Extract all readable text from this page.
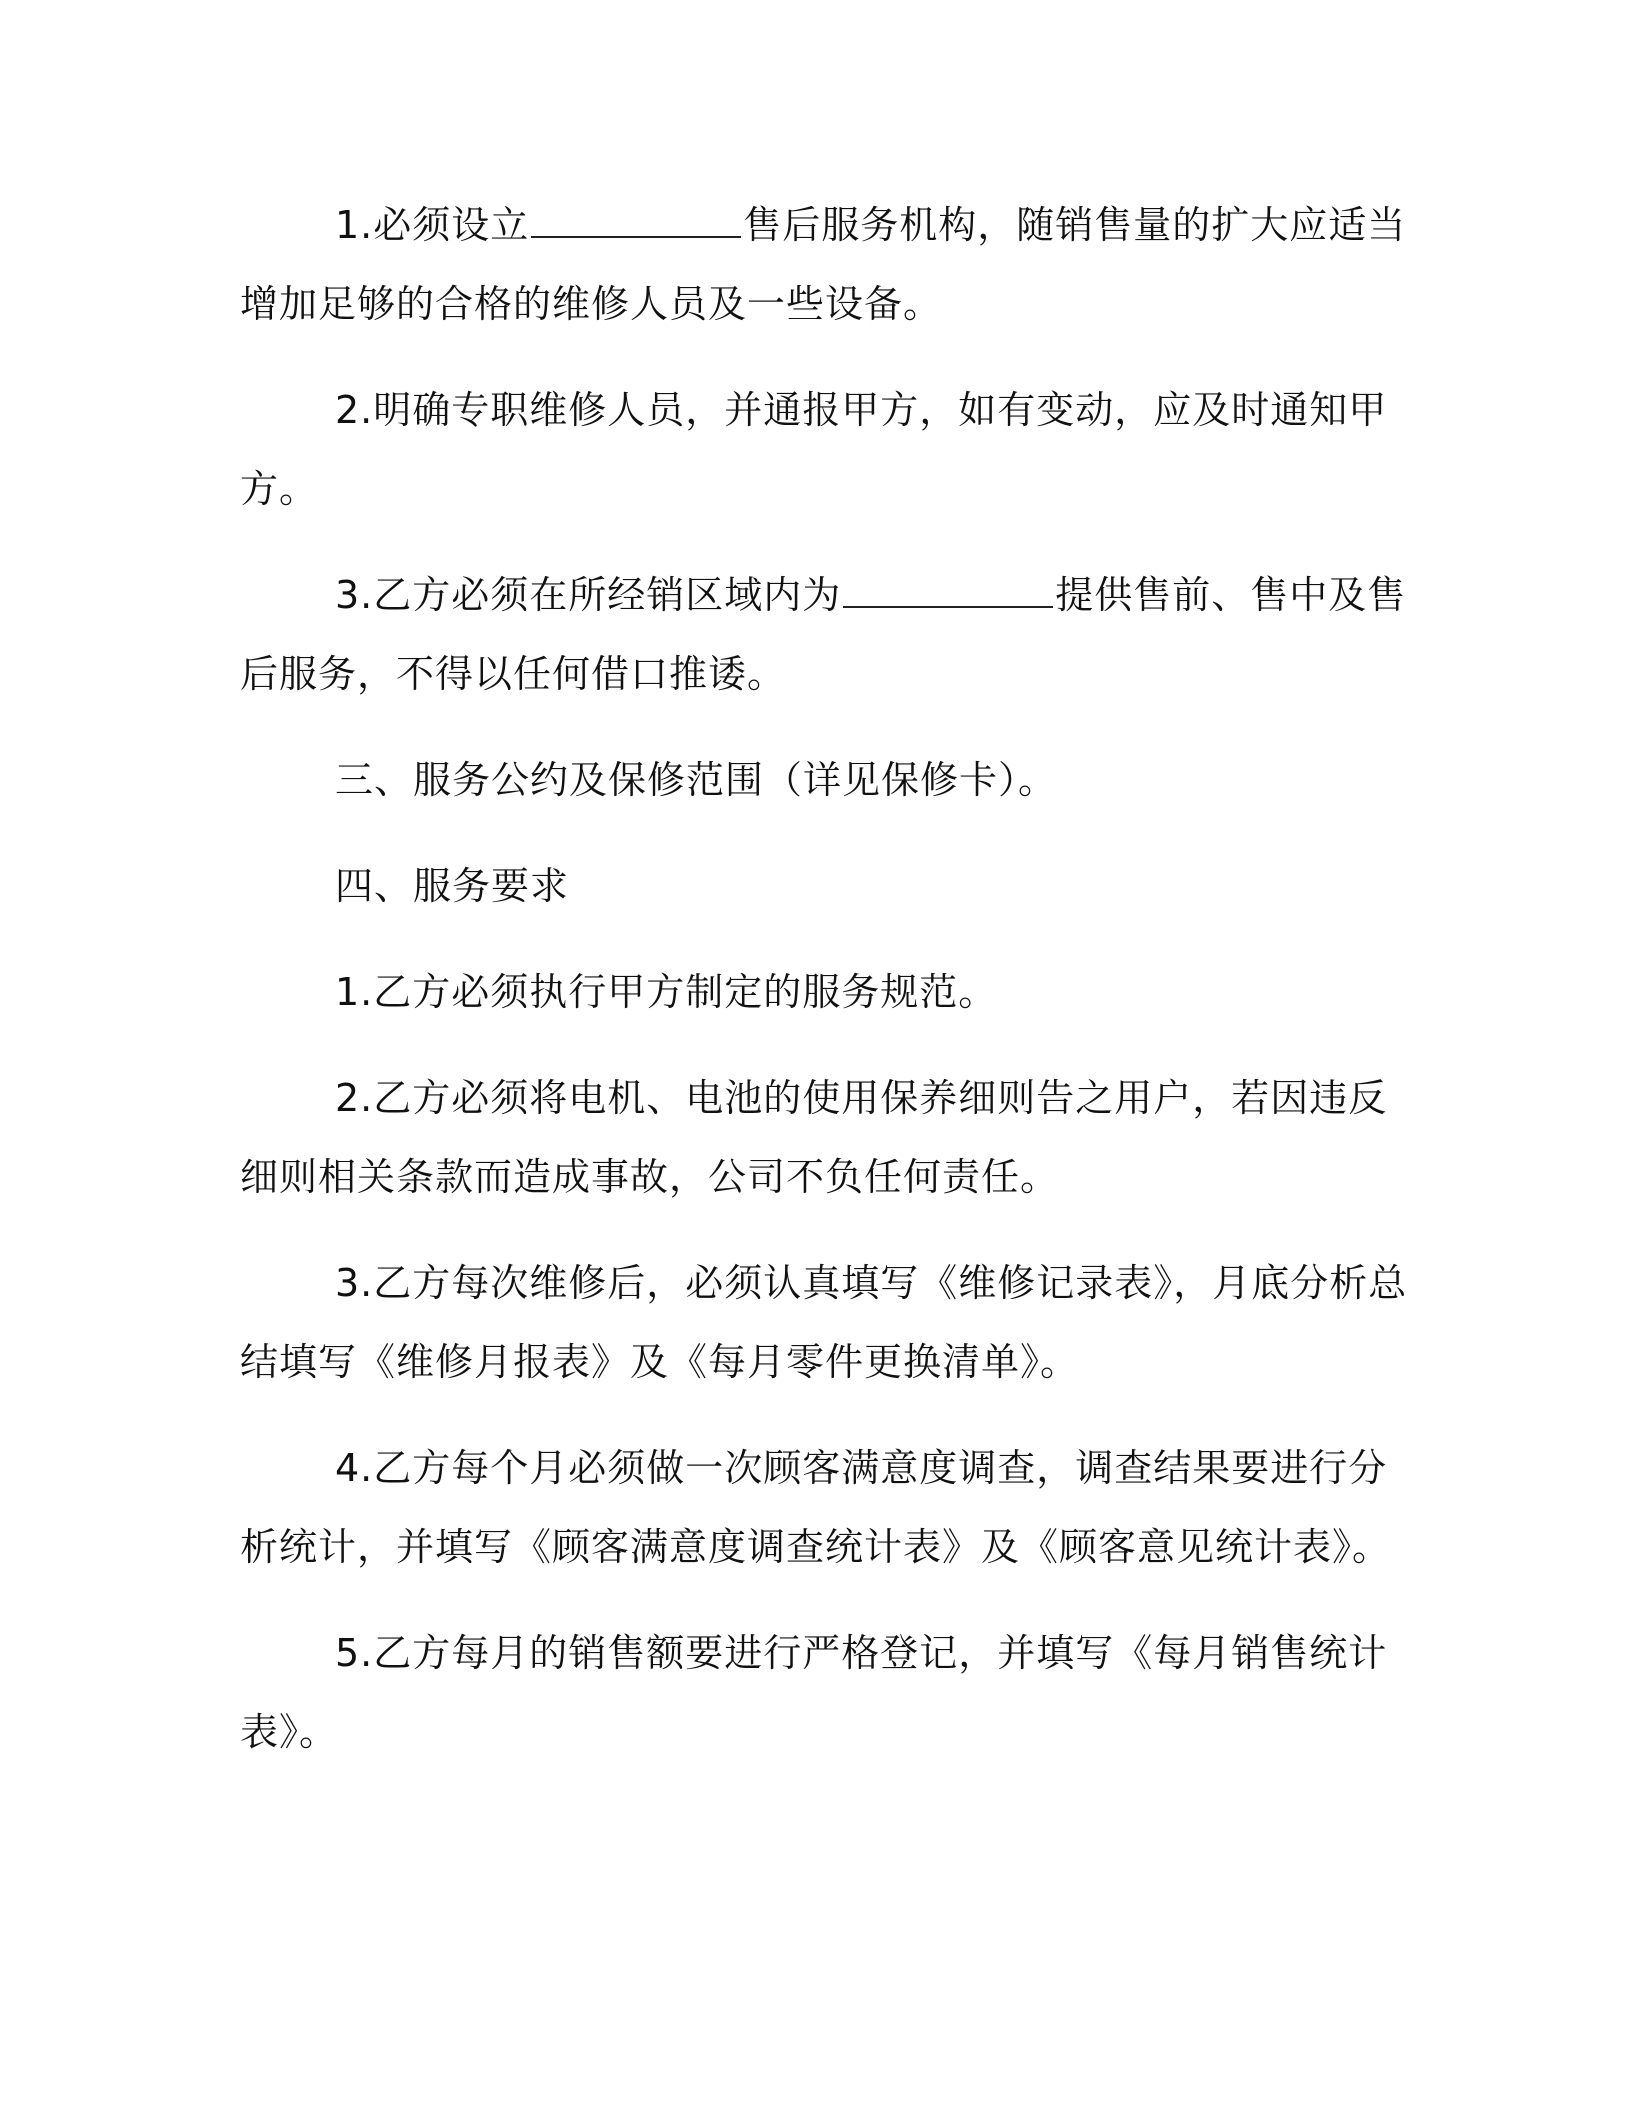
1.必须设立	售后服务机构，随销售量的扩大应适当增加足够的合格的维修人员及一些设备。

2.明确专职维修人员，并通报甲方，如有变动，应及时通知甲方。

3.乙方必须在所经销区域内为	提供售前、售中及售后服务，不得以任何借口推诿。

三、服务公约及保修范围（详见保修卡）。

四、服务要求

1.乙方必须执行甲方制定的服务规范。

2.乙方必须将电机、电池的使用保养细则告之用户，若因违反细则相关条款而造成事故，公司不负任何责任。

3.乙方每次维修后，必须认真填写《维修记录表》，月底分析总结填写《维修月报表》及《每月零件更换清单》。

4.乙方每个月必须做一次顾客满意度调查，调查结果要进行分析统计，并填写《顾客满意度调查统计表》及《顾客意见统计表》。

5.乙方每月的销售额要进行严格登记，并填写《每月销售统计表》。
